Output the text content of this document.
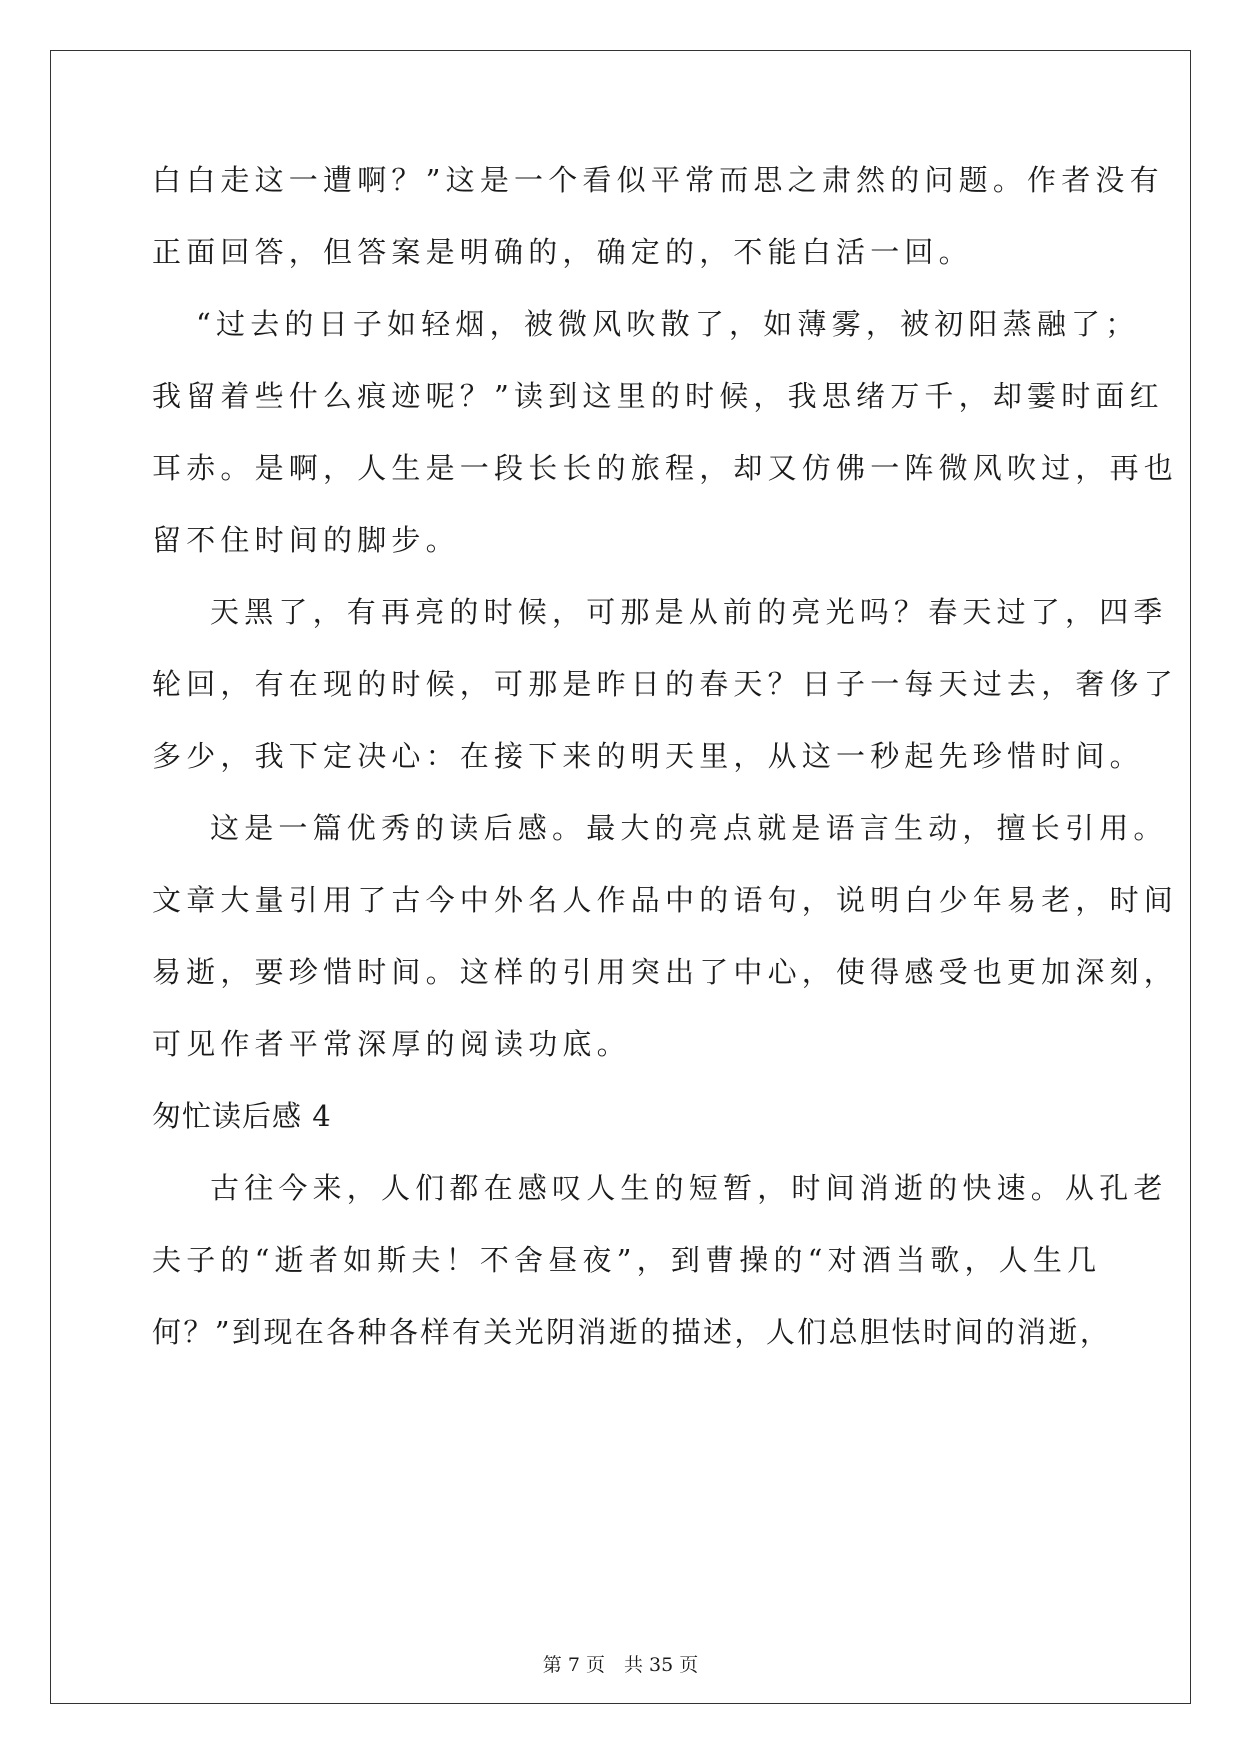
白白走这一遭啊？”这是一个看似平常而思之肃然的问题。作者没有
正面回答，但答案是明确的，确定的，不能白活一回。
“过去的日子如轻烟，被微风吹散了，如薄雾，被初阳蒸融了；
我留着些什么痕迹呢？”读到这里的时候，我思绪万千，却霎时面红
耳赤。是啊，人生是一段长长的旅程，却又仿佛一阵微风吹过，再也
留不住时间的脚步。
天黑了，有再亮的时候，可那是从前的亮光吗？春天过了，四季
轮回，有在现的时候，可那是昨日的春天？日子一每天过去，奢侈了
多少，我下定决心：在接下来的明天里，从这一秒起先珍惜时间。
这是一篇优秀的读后感。最大的亮点就是语言生动，擅长引用。
文章大量引用了古今中外名人作品中的语句，说明白少年易老，时间
易逝，要珍惜时间。这样的引用突出了中心，使得感受也更加深刻，
可见作者平常深厚的阅读功底。
匆忙读后感 4
古往今来，人们都在感叹人生的短暂，时间消逝的快速。从孔老
夫子的“逝者如斯夫！不舍昼夜”，到曹操的“对酒当歌，人生几
何？”到现在各种各样有关光阴消逝的描述，人们总胆怯时间的消逝，
第 7 页　共 35 页
